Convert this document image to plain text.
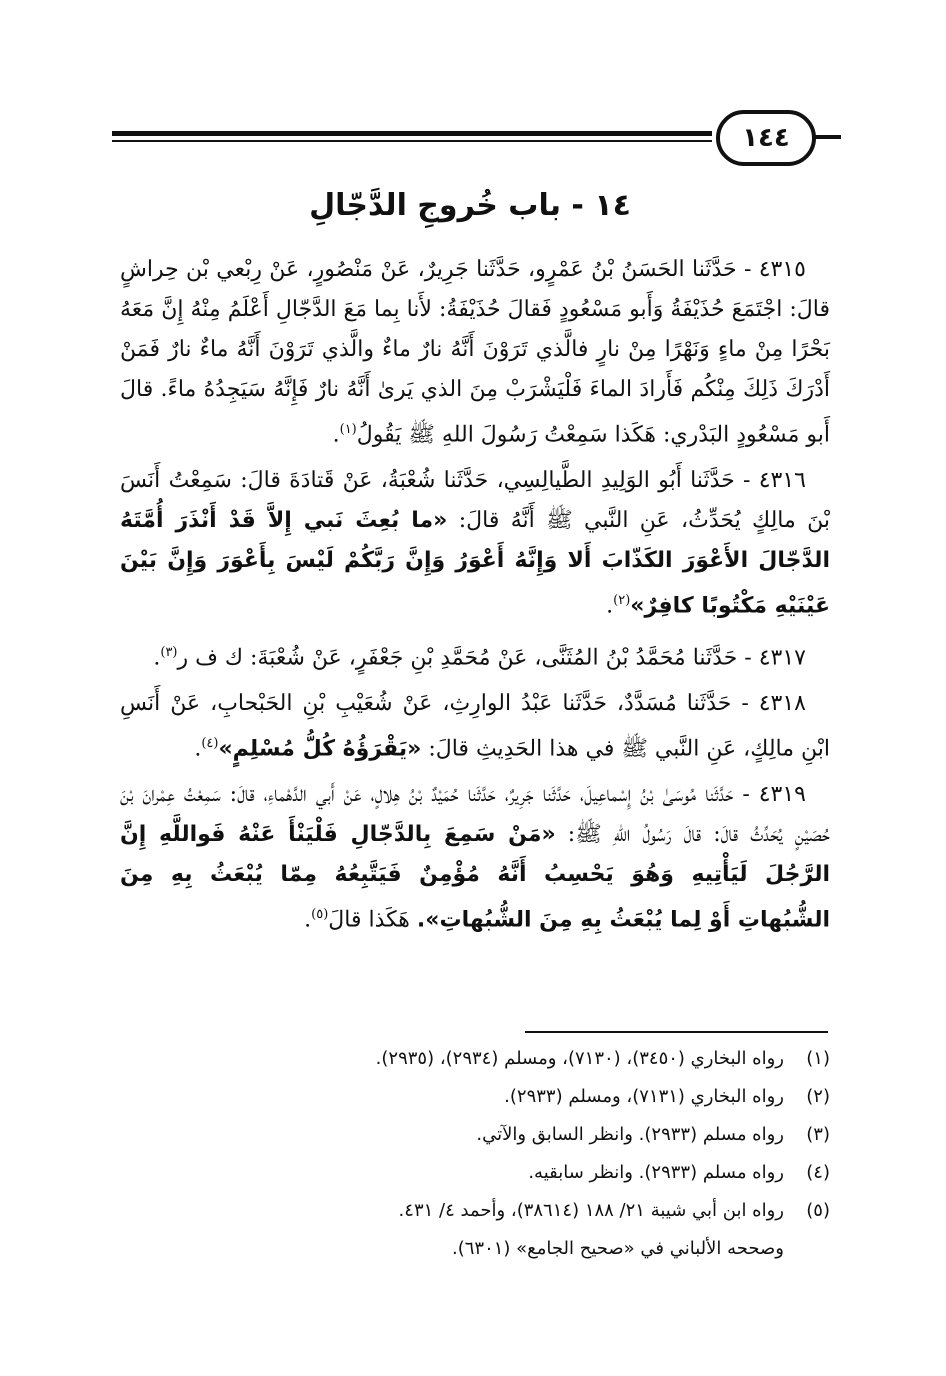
١٤٤
١٤ - باب خُروجِ الدَّجّالِ

٤٣١٥ - حَدَّثَنا الحَسَنُ بْنُ عَمْرٍو، حَدَّثَنا جَرِيرٌ، عَنْ مَنْصُورٍ، عَنْ رِبْعي بْن حِراشٍ قالَ: اجْتَمَعَ حُذَيْفَةُ وَأَبو مَسْعُودٍ فَقالَ حُذَيْفَةُ: لأَنا بِما مَعَ الدَّجّالِ أَعْلَمُ مِنْهُ إِنَّ مَعَهُ بَحْرًا مِنْ ماءٍ وَنَهْرًا مِنْ نارٍ فالَّذي تَرَوْنَ أَنَّهُ نارٌ ماءٌ والَّذي تَرَوْنَ أَنَّهُ ماءٌ نارٌ فَمَنْ أَدْرَكَ ذَلِكَ مِنْكُم فَأَرادَ الماءَ فَلْيَشْرَبْ مِنَ الذي يَرىٰ أَنَّهُ نارٌ فَإِنَّهُ سَيَجِدُهُ ماءً. قالَ أَبو مَسْعُودٍ البَدْري: هَكَذا سَمِعْتُ رَسُولَ اللهِ ﷺ يَقُولُ$^{(١)}$.

٤٣١٦ - حَدَّثَنا أَبُو الوَلِيدِ الطَّيالِسِي، حَدَّثَنا شُعْبَةُ، عَنْ قَتادَةَ قالَ: سَمِعْتُ أَنَسَ بْنَ مالِكٍ يُحَدِّثُ، عَنِ النَّبي ﷺ أَنَّهُ قالَ: «ما بُعِثَ نَبي إِلاَّ قَدْ أَنْذَرَ أُمَّتَهُ الدَّجّالَ الأَعْوَرَ الكَذّابَ أَلا وَإِنَّهُ أَعْوَرُ وَإِنَّ رَبَّكُمْ لَيْسَ بِأَعْوَرَ وَإِنَّ بَيْنَ عَيْنَيْهِ مَكْتُوبًا كافِرٌ»$^{(٢)}$.

٤٣١٧ - حَدَّثَنا مُحَمَّدُ بْنُ المُثَنَّى، عَنْ مُحَمَّدِ بْنِ جَعْفَرٍ، عَنْ شُعْبَةَ: ك ف ر$^{(٣)}$.

٤٣١٨ - حَدَّثَنا مُسَدَّدٌ، حَدَّثَنا عَبْدُ الوارِثِ، عَنْ شُعَيْبِ بْنِ الحَبْحابِ، عَنْ أَنَسِ ابْنِ مالِكٍ، عَنِ النَّبي ﷺ في هذا الحَدِيثِ قالَ: «يَقْرَؤُهُ كُلُّ مُسْلِمٍ»$^{(٤)}$.

٤٣١٩ - حَدَّثَنا مُوسَىٰ بْنُ إِسْماعِيلَ، حَدَّثَنا جَرِيرٌ، حَدَّثَنا حُمَيْدٌ بْنُ هِلالٍ، عَنْ أَبي الدَّهْماءِ، قالَ: سَمِعْتُ عِمْرانَ بْنَ حُصَيْنٍ يُحَدِّثُ قالَ: قالَ رَسُولُ اللهِ ﷺ: «مَنْ سَمِعَ بِالدَّجّالِ فَلْيَنْأَ عَنْهُ فَواللَّهِ إِنَّ الرَّجُلَ لَيَأْتِيهِ وَهُوَ يَحْسِبُ أَنَّهُ مُؤْمِنٌ فَيَتَّبِعُهُ مِمّا يُبْعَثُ بِهِ مِنَ الشُّبُهاتِ أَوْ لِما يُبْعَثُ بِهِ مِنَ الشُّبُهاتِ». هَكَذا قالَ$^{(٥)}$.

(١)
رواه البخاري (٣٤٥٠)، (٧١٣٠)، ومسلم (٢٩٣٤)، (٢٩٣٥).
(٢)
رواه البخاري (٧١٣١)، ومسلم (٢٩٣٣).
(٣)
رواه مسلم (٢٩٣٣). وانظر السابق والآتي.
(٤)
رواه مسلم (٢٩٣٣). وانظر سابقيه.
(٥)
رواه ابن أبي شيبة ٢١/ ١٨٨ (٣٨٦١٤)، وأحمد ٤/ ٤٣١.
وصححه الألباني في «صحيح الجامع» (٦٣٠١).
